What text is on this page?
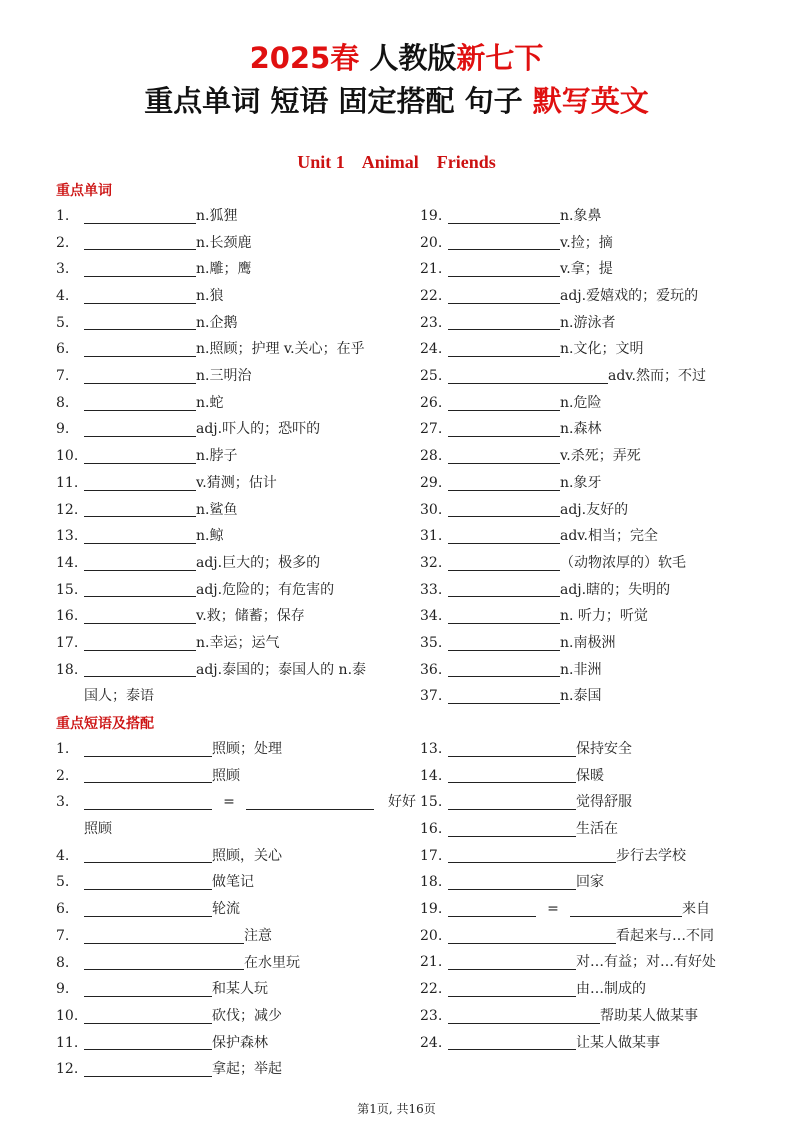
2025春 人教版新七下
重点单词 短语 固定搭配 句子 默写英文
Unit 1    Animal    Friends
重点单词
1.	n.狐狸
2.	n.长颈鹿
3.	n.雕；鹰
4.	n.狼
5.	n.企鹅
6.	n.照顾；护理 v.关心；在乎
7.	n.三明治
8.	n.蛇
9.	adj.吓人的；恐吓的
10.	n.脖子
11.	v.猜测；估计
12.	n.鲨鱼
13.	n.鲸
14.	adj.巨大的；极多的
15.	adj.危险的；有危害的
16.	v.救；储蓄；保存
17.	n.幸运；运气
18.	adj.泰国的；泰国人的 n.泰
国人；泰语
19.	n.象鼻
20.	v.捡；摘
21.	v.拿；提
22.	adj.爱嬉戏的；爱玩的
23.	n.游泳者
24.	n.文化；文明
25.	adv.然而；不过
26.	n.危险
27.	n.森林
28.	v.杀死；弄死
29.	n.象牙
30.	adj.友好的
31.	adv.相当；完全
32.	（动物浓厚的）软毛
33.	adj.瞎的；失明的
34.	n. 听力；听觉
35.	n.南极洲
36.	n.非洲
37.	n.泰国
重点短语及搭配
1.	照顾；处理
2.	照顾
3.	=	好好
照顾
4.	照顾，关心
5.	做笔记
6.	轮流
7.	注意
8.	在水里玩
9.	和某人玩
10.	砍伐；减少
11.	保护森林
12.	拿起；举起
13.	保持安全
14.	保暖
15.	觉得舒服
16.	生活在
17.	步行去学校
18.	回家
19.	=	来自
20.	看起来与…不同
21.	对…有益；对…有好处
22.	由…制成的
23.	帮助某人做某事
24.	让某人做某事
第1页, 共16页
